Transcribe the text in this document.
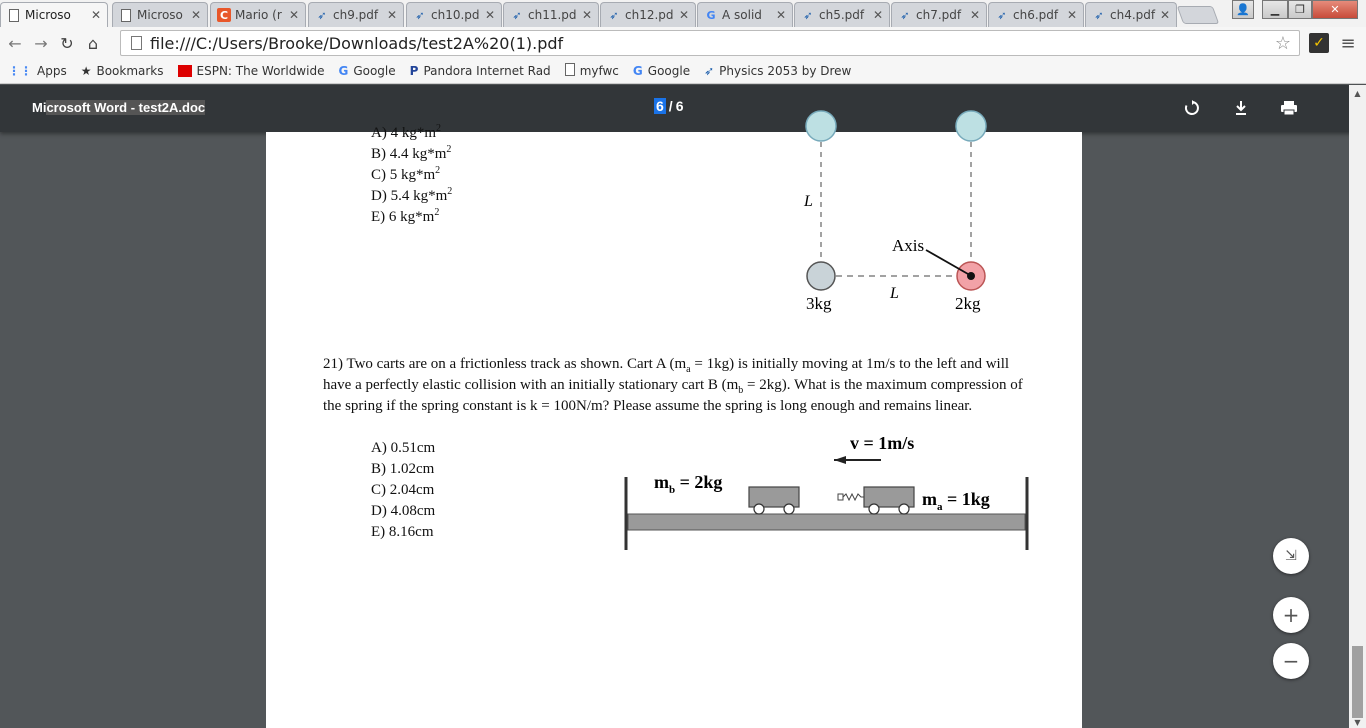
Microso	✕	Microso ✕ C Mario (r ✕ ➶ ch9.pdf ✕ ➶ ch10.pd ✕ ➶ ch11.pd ✕ ➶ ch12.pd ✕ G A solid	✕ ➶ ch5.pdf ✕ ➶ ch7.pdf ✕ ➶ ch6.pdf ✕ ➶ ch4.pdf ✕	👤	▁	❐	✕
← → ↻ ⌂	file:///C:/Users/Brooke/Downloads/test2A%20(1).pdf	☆ ✓ ≡
⋮⋮ Apps ★ Bookmarks	ESPN: The Worldwide G Google P Pandora Internet Rad myfwc G Google ➶ Physics 2053 by Drew
Microsoft Word - test2A.doc	6 / 6
A) 4 $kg*m^2$
B) 4.4 $kg*m^2$
C) 5 $kg*m^2$
D) 5.4 $kg*m^2$
E) 6 $kg*m^2$
L
Axis
L
3kg	2kg
21) Two carts are on a frictionless track as shown. Cart A $(m_a = 1kg)$ is initially moving at 1m/s to the left and will have a perfectly elastic collision with an initially stationary cart B $(m_b = 2kg)$. What is the maximum compression of the spring if the spring constant is k = 100N/m? Please assume the spring is long enough and remains linear.
A) 0.51cm
B) 1.02cm
C) 2.04cm
D) 4.08cm
E) 8.16cm
v = 1m/s
$m_b = 2kg$
$m_a = 1kg$
▲
▼
⇲
+
−
